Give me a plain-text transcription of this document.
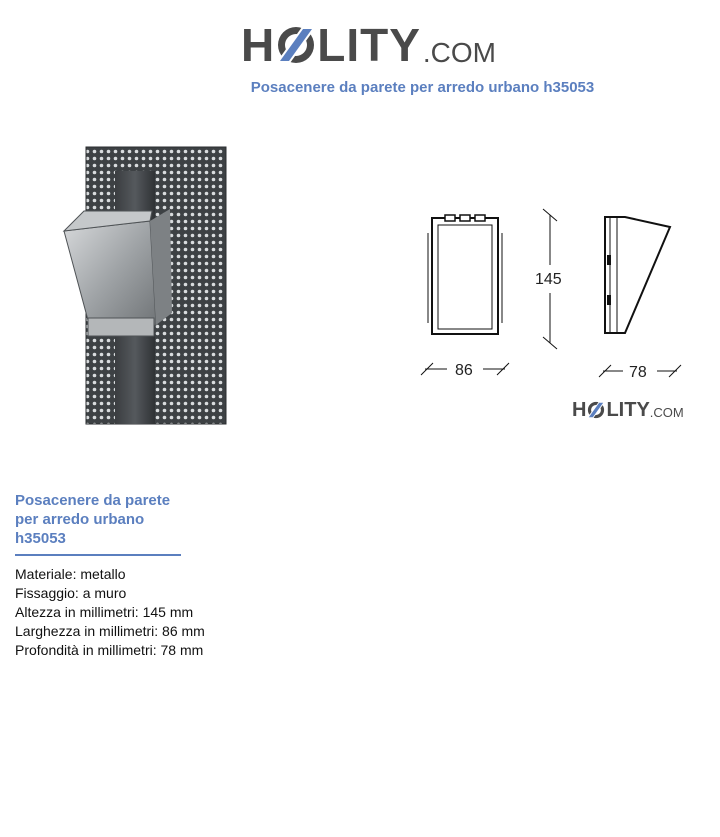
H LITY .COM
Posacenere da parete per arredo urbano h35053
145
86	78
H LITY .COM
Posacenere da parete per arredo urbano h35053
Materiale: metallo
Fissaggio: a muro
Altezza in millimetri: 145 mm
Larghezza in millimetri: 86 mm
Profondità in millimetri: 78 mm
